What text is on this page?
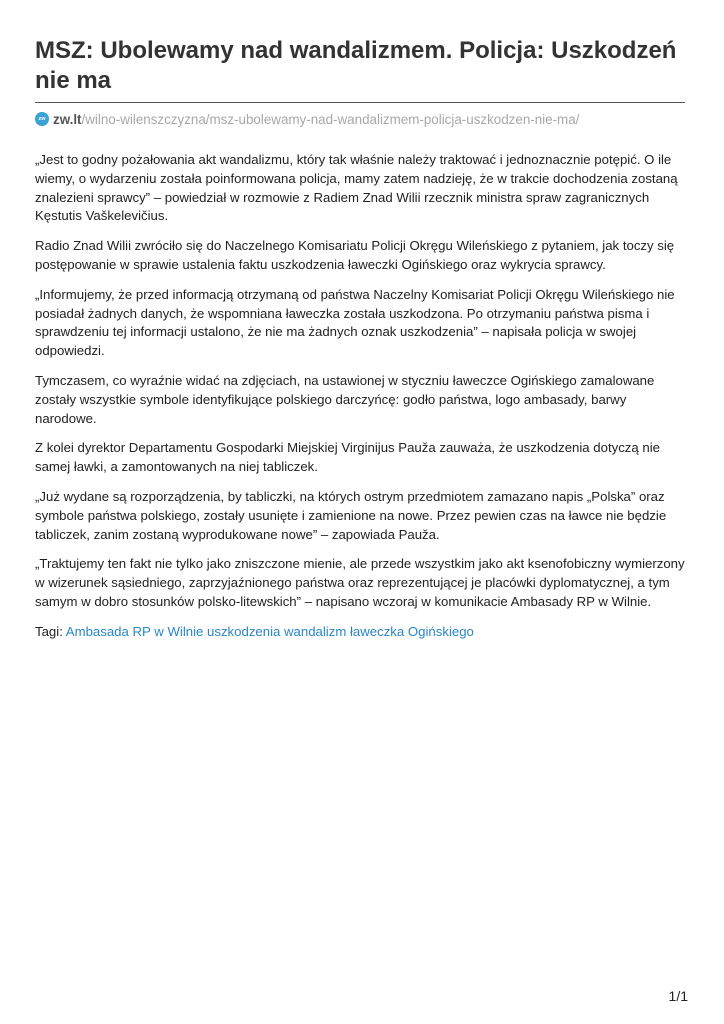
MSZ: Ubolewamy nad wandalizmem. Policja: Uszkodzeń nie ma
zw zw.lt /wilno-wilenszczyzna/msz-ubolewamy-nad-wandalizmem-policja-uszkodzen-nie-ma/

„Jest to godny pożałowania akt wandalizmu, który tak właśnie należy traktować i jednoznacznie potępić. O ile wiemy, o wydarzeniu została poinformowana policja, mamy zatem nadzieję, że w trakcie dochodzenia zostaną znalezieni sprawcy” – powiedział w rozmowie z Radiem Znad Wilii rzecznik ministra spraw zagranicznych Kęstutis Vaškelevičius.

Radio Znad Wilii zwróciło się do Naczelnego Komisariatu Policji Okręgu Wileńskiego z pytaniem, jak toczy się postępowanie w sprawie ustalenia faktu uszkodzenia ławeczki Ogińskiego oraz wykrycia sprawcy.

„Informujemy, że przed informacją otrzymaną od państwa Naczelny Komisariat Policji Okręgu Wileńskiego nie posiadał żadnych danych, że wspomniana ławeczka została uszkodzona. Po otrzymaniu państwa pisma i sprawdzeniu tej informacji ustalono, że nie ma żadnych oznak uszkodzenia” – napisała policja w swojej odpowiedzi.

Tymczasem, co wyraźnie widać na zdjęciach, na ustawionej w styczniu ławeczce Ogińskiego zamalowane zostały wszystkie symbole identyfikujące polskiego darczyńcę: godło państwa, logo ambasady, barwy narodowe.

Z kolei dyrektor Departamentu Gospodarki Miejskiej Virginijus Pauža zauważa, że uszkodzenia dotyczą nie samej ławki, a zamontowanych na niej tabliczek.

„Już wydane są rozporządzenia, by tabliczki, na których ostrym przedmiotem zamazano napis „Polska” oraz symbole państwa polskiego, zostały usunięte i zamienione na nowe. Przez pewien czas na ławce nie będzie tabliczek, zanim zostaną wyprodukowane nowe” – zapowiada Pauža.

„Traktujemy ten fakt nie tylko jako zniszczone mienie, ale przede wszystkim jako akt ksenofobiczny wymierzony w wizerunek sąsiedniego, zaprzyjaźnionego państwa oraz reprezentującej je placówki dyplomatycznej, a tym samym w dobro stosunków polsko-litewskich” – napisano wczoraj w komunikacie Ambasady RP w Wilnie.

Tagi: Ambasada RP w Wilnie uszkodzenia wandalizm ławeczka Ogińskiego

1/1
